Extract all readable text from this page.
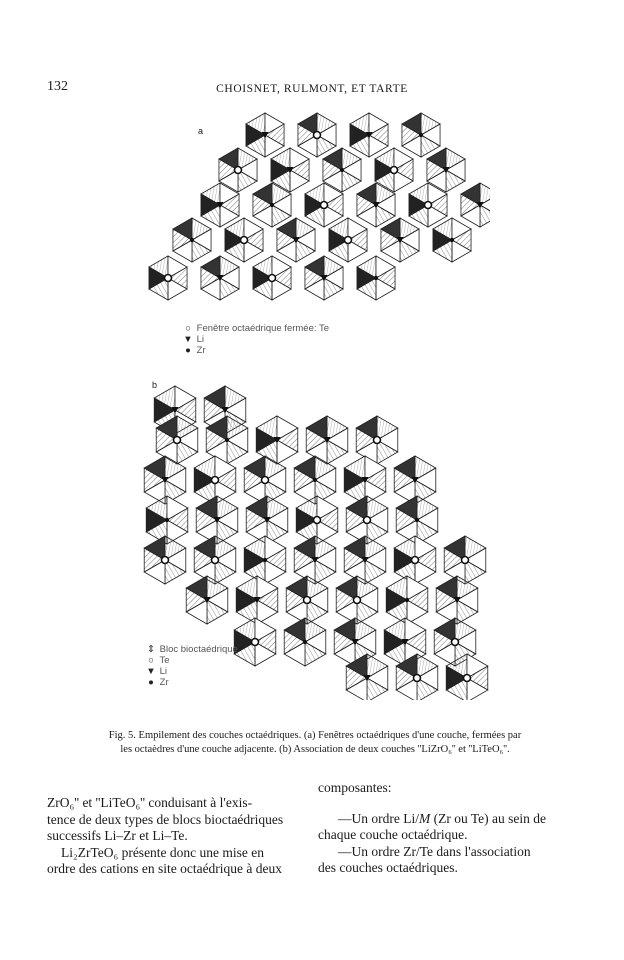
132	CHOISNET, RULMONT, ET TARTE
a
○ Fenêtre octaédrique fermée: Te
▼ Li
● Zr
b
⇕ Bloc bioctaédrique
○ Te
▼ Li
● Zr
Fig. 5. Empilement des couches octaédriques. (a) Fenêtres octaédriques d'une couche, fermées par
les octaèdres d'une couche adjacente. (b) Association de deux couches ''LiZrO₆'' et ''LiTeO₆''.
ZrO₆'' et ''LiTeO₆'' conduisant à l'exis-
tence de deux types de blocs bioctaédriques
successifs Li–Zr et Li–Te.
Li₂ZrTeO₆ présente donc une mise en
ordre des cations en site octaédrique à deux
composantes:
—Un ordre Li/M (Zr ou Te) au sein de
chaque couche octaédrique.
—Un ordre Zr/Te dans l'association
des couches octaédriques.
